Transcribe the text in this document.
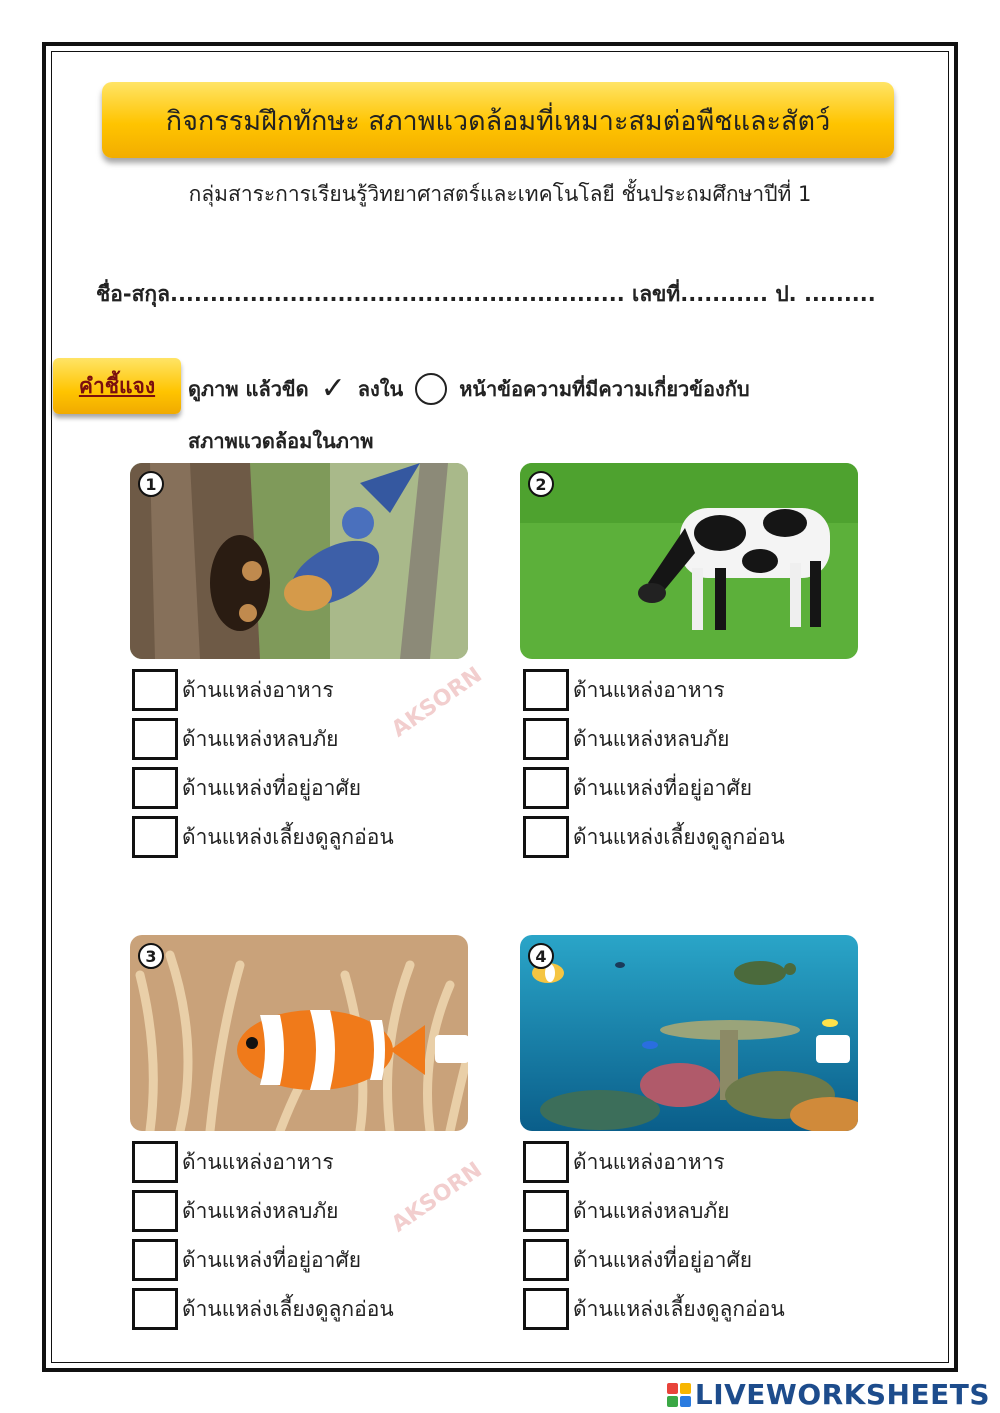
กิจกรรมฝึกทักษะ สภาพแวดล้อมที่เหมาะสมต่อพืชและสัตว์
กลุ่มสาระการเรียนรู้วิทยาศาสตร์และเทคโนโลยี ชั้นประถมศึกษาปีที่ 1
ชื่อ-สกุล......................................................... เลขที่........... ป. .........
คำชี้แจง ดูภาพ แล้วขีด ✓ ลงใน	หน้าข้อความที่มีความเกี่ยวข้องกับ
สภาพแวดล้อมในภาพ
AKSORN
AKSORN
1	2
3	4
ด้านแหล่งอาหาร
ด้านแหล่งหลบภัย
ด้านแหล่งที่อยู่อาศัย
ด้านแหล่งเลี้ยงดูลูกอ่อน
ด้านแหล่งอาหาร
ด้านแหล่งหลบภัย
ด้านแหล่งที่อยู่อาศัย
ด้านแหล่งเลี้ยงดูลูกอ่อน
ด้านแหล่งอาหาร
ด้านแหล่งหลบภัย
ด้านแหล่งที่อยู่อาศัย
ด้านแหล่งเลี้ยงดูลูกอ่อน
ด้านแหล่งอาหาร
ด้านแหล่งหลบภัย
ด้านแหล่งที่อยู่อาศัย
ด้านแหล่งเลี้ยงดูลูกอ่อน
LIVEWORKSHEETS
